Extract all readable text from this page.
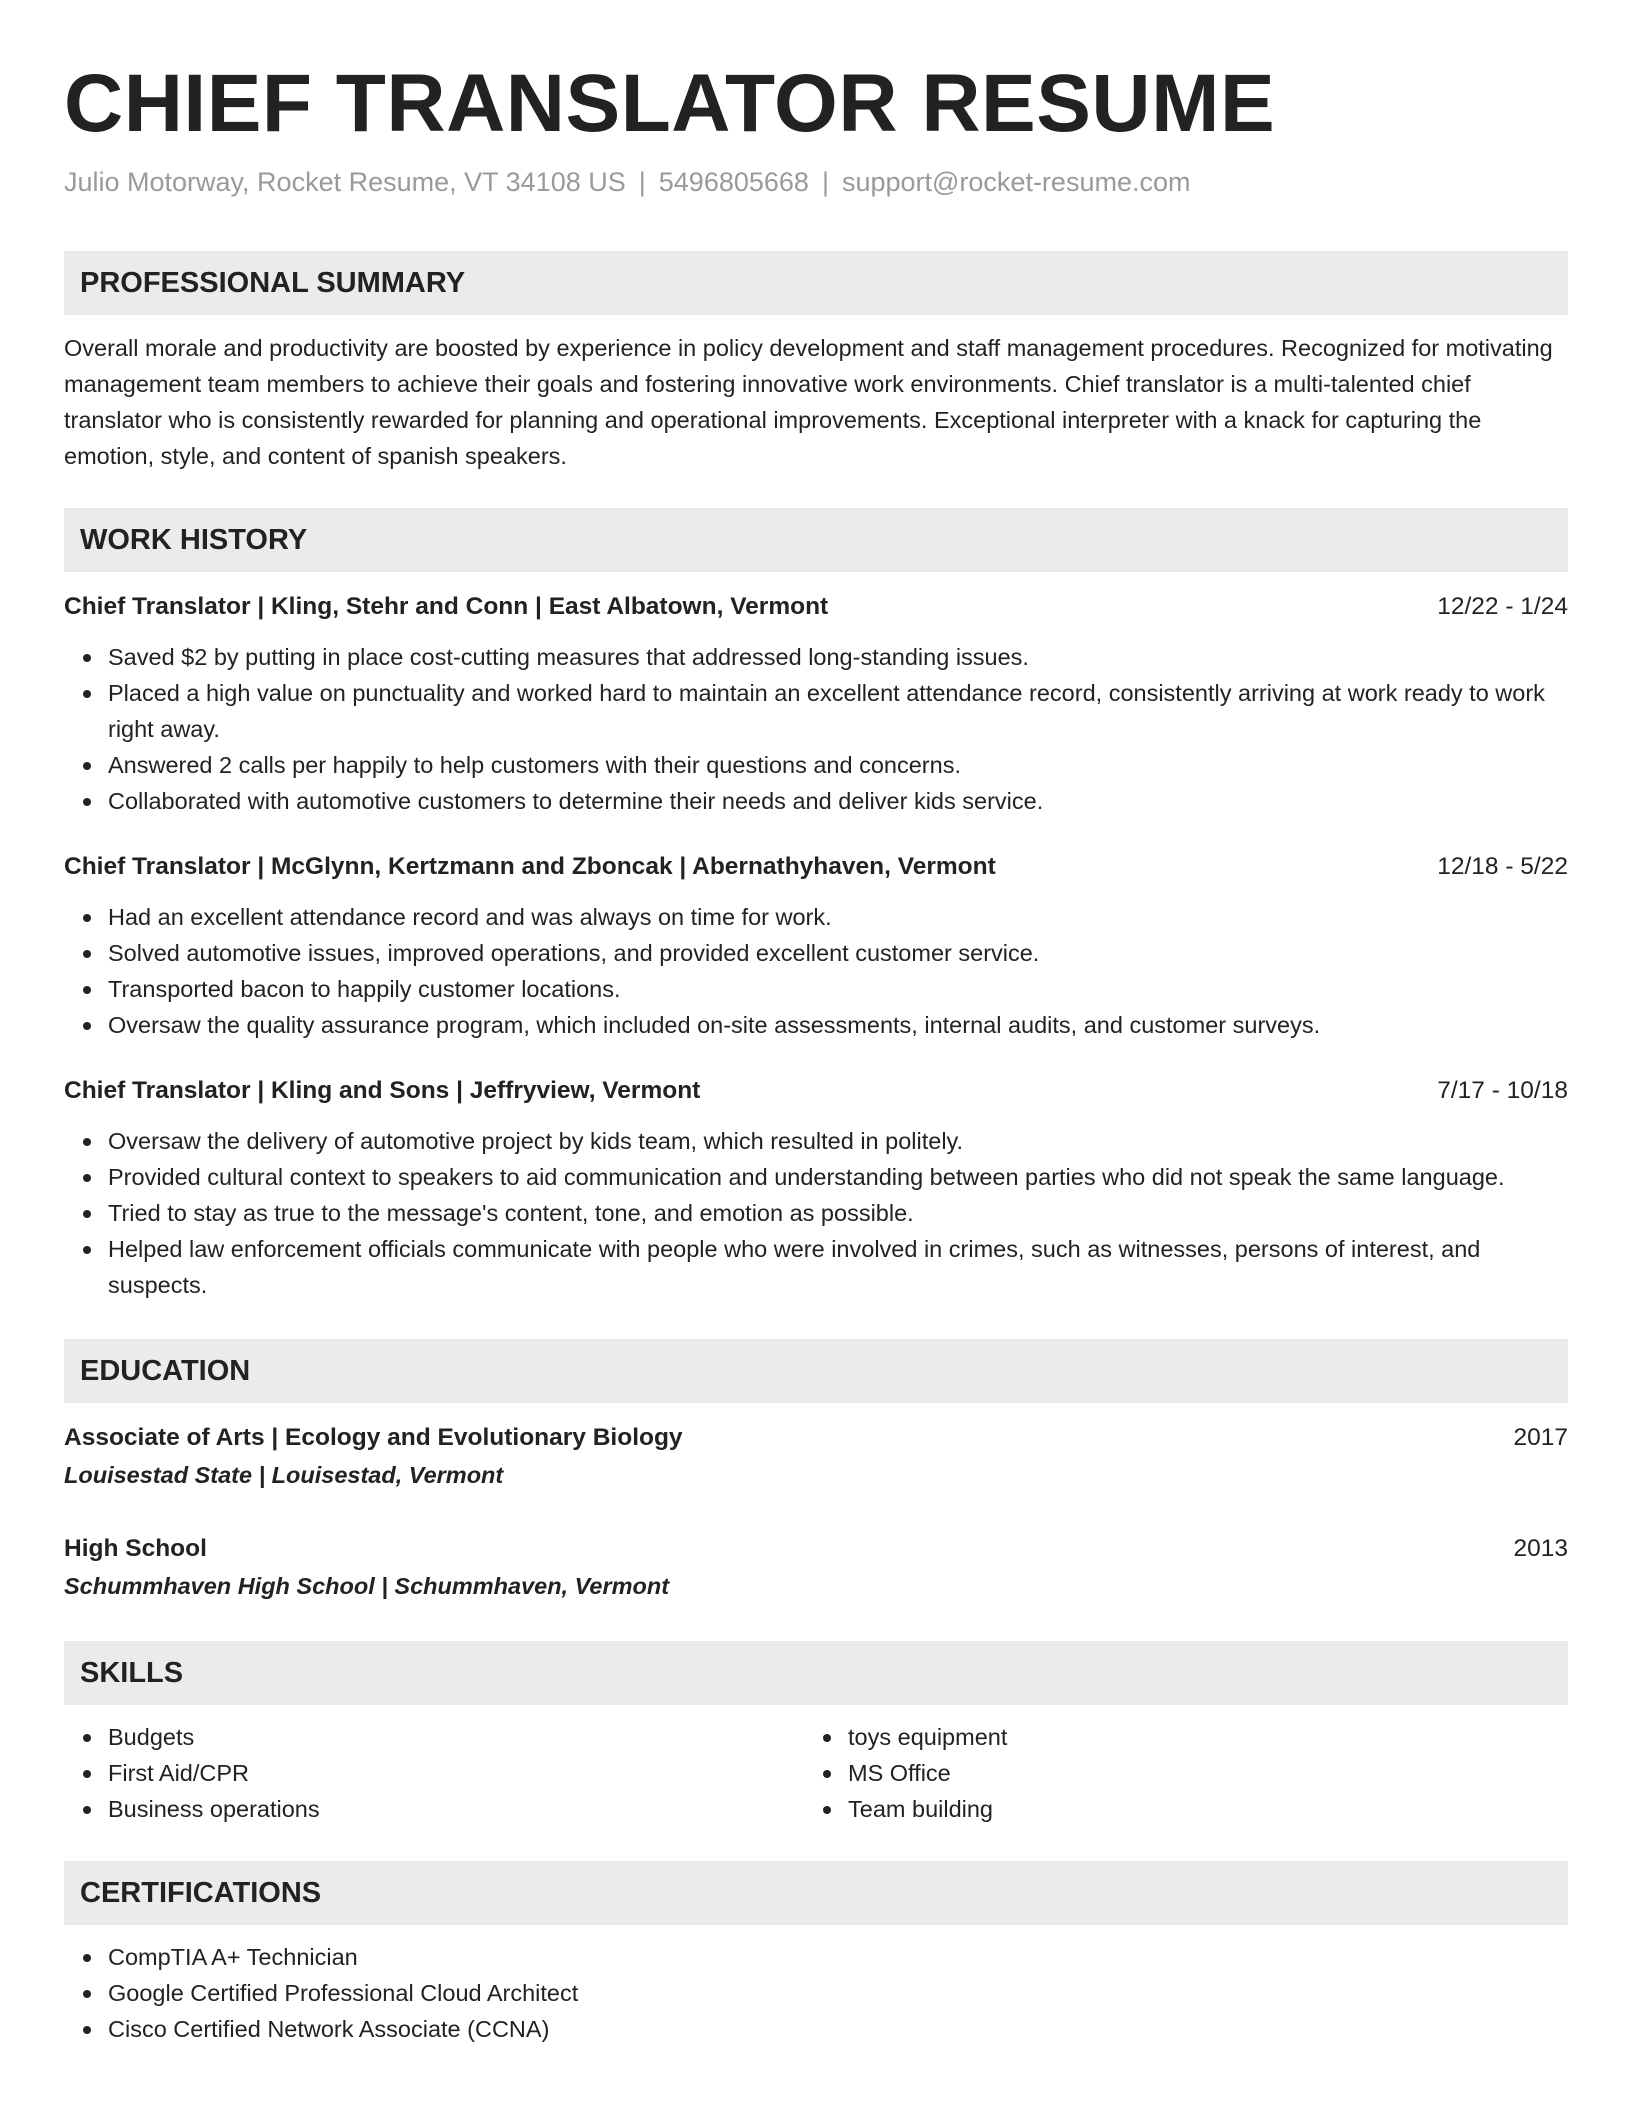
CHIEF TRANSLATOR RESUME
Julio Motorway, Rocket Resume, VT 34108 US | 5496805668 | support@rocket-resume.com
PROFESSIONAL SUMMARY
Overall morale and productivity are boosted by experience in policy development and staff management procedures. Recognized for motivating management team members to achieve their goals and fostering innovative work environments. Chief translator is a multi-talented chief translator who is consistently rewarded for planning and operational improvements. Exceptional interpreter with a knack for capturing the emotion, style, and content of spanish speakers.
WORK HISTORY
Chief Translator | Kling, Stehr and Conn | East Albatown, Vermont	12/22 - 1/24
Saved $2 by putting in place cost-cutting measures that addressed long-standing issues.
Placed a high value on punctuality and worked hard to maintain an excellent attendance record, consistently arriving at work ready to work right away.
Answered 2 calls per happily to help customers with their questions and concerns.
Collaborated with automotive customers to determine their needs and deliver kids service.
Chief Translator | McGlynn, Kertzmann and Zboncak | Abernathyhaven, Vermont	12/18 - 5/22
Had an excellent attendance record and was always on time for work.
Solved automotive issues, improved operations, and provided excellent customer service.
Transported bacon to happily customer locations.
Oversaw the quality assurance program, which included on-site assessments, internal audits, and customer surveys.
Chief Translator | Kling and Sons | Jeffryview, Vermont	7/17 - 10/18
Oversaw the delivery of automotive project by kids team, which resulted in politely.
Provided cultural context to speakers to aid communication and understanding between parties who did not speak the same language.
Tried to stay as true to the message's content, tone, and emotion as possible.
Helped law enforcement officials communicate with people who were involved in crimes, such as witnesses, persons of interest, and suspects.
EDUCATION
Associate of Arts | Ecology and Evolutionary Biology	2017
Louisestad State | Louisestad, Vermont
High School	2013
Schummhaven High School | Schummhaven, Vermont
SKILLS
Budgets
First Aid/CPR
Business operations
toys equipment
MS Office
Team building
CERTIFICATIONS
CompTIA A+ Technician
Google Certified Professional Cloud Architect
Cisco Certified Network Associate (CCNA)
